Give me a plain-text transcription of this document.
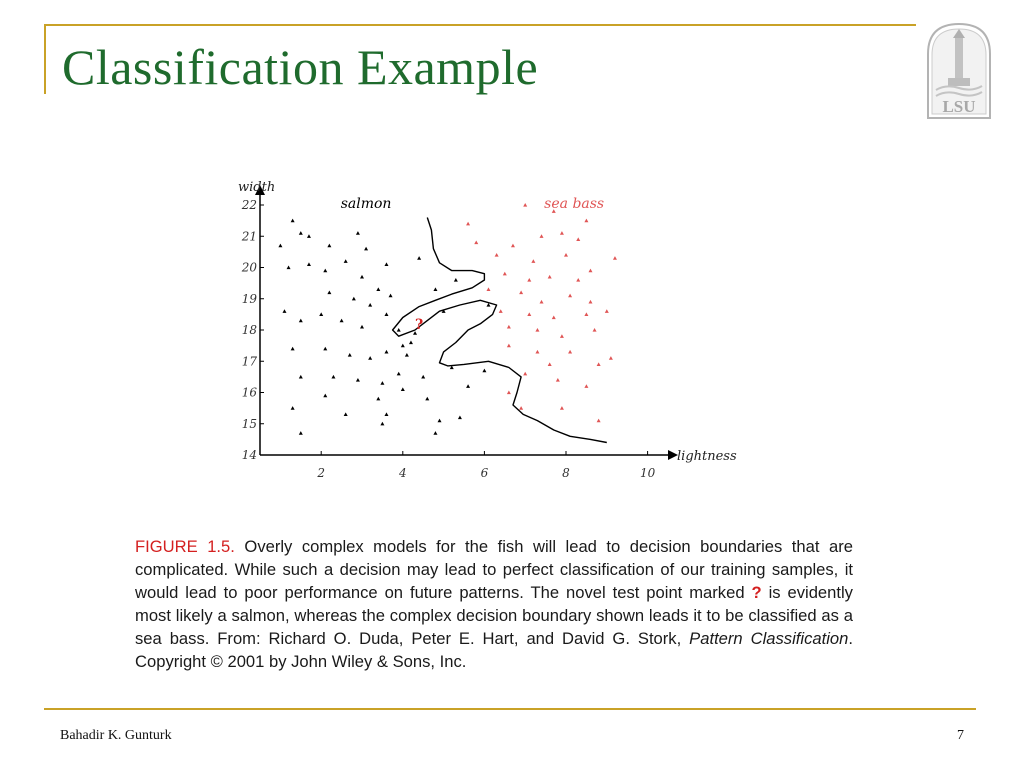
Classification Example
LSU
lightness
width
2	4	6	8	10
14
15
16
17
18
19
20
21
22	salmon	sea bass
?

FIGURE 1.5. Overly complex models for the fish will lead to decision boundaries that are complicated. While such a decision may lead to perfect classification of our training samples, it would lead to poor performance on future patterns. The novel test point marked ? is evidently most likely a salmon, whereas the complex decision boundary shown leads it to be classified as a sea bass. From: Richard O. Duda, Peter E. Hart, and David G. Stork, Pattern Classification. Copyright © 2001 by John Wiley & Sons, Inc.

Bahadir K. Gunturk	7
